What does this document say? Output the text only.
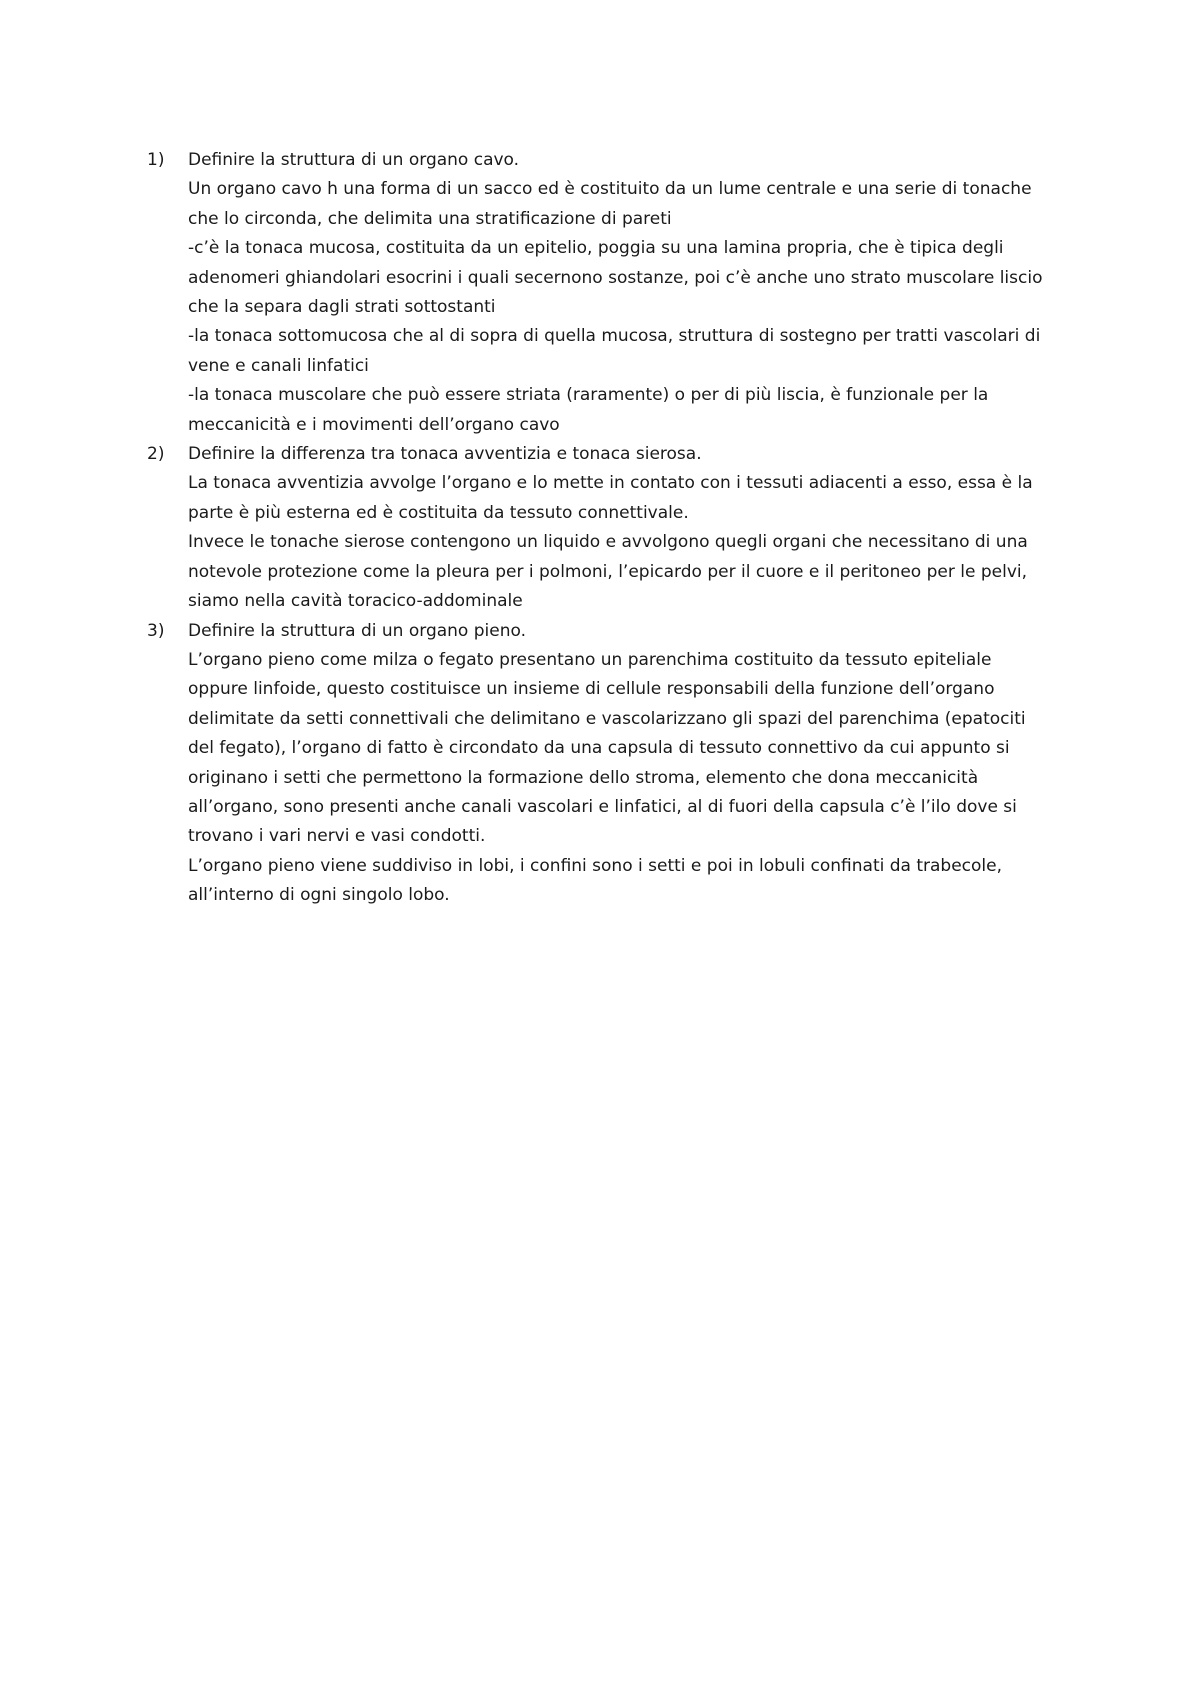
1)	Definire la struttura di un organo cavo.
Un organo cavo h una forma di un sacco ed è costituito da un lume centrale e una serie di tonache
che lo circonda, che delimita una stratificazione di pareti
-c’è la tonaca mucosa, costituita da un epitelio, poggia su una lamina propria, che è tipica degli
adenomeri ghiandolari esocrini i quali secernono sostanze, poi c’è anche uno strato muscolare liscio
che la separa dagli strati sottostanti
-la tonaca sottomucosa che al di sopra di quella mucosa, struttura di sostegno per tratti vascolari di
vene e canali linfatici
-la tonaca muscolare che può essere striata (raramente) o per di più liscia, è funzionale per la
meccanicità e i movimenti dell’organo cavo
2)	Definire la differenza tra tonaca avventizia e tonaca sierosa.
La tonaca avventizia avvolge l’organo e lo mette in contato con i tessuti adiacenti a esso, essa è la
parte è più esterna ed è costituita da tessuto connettivale.
Invece le tonache sierose contengono un liquido e avvolgono quegli organi che necessitano di una
notevole protezione come la pleura per i polmoni, l’epicardo per il cuore e il peritoneo per le pelvi,
siamo nella cavità toracico-addominale
3)	Definire la struttura di un organo pieno.
L’organo pieno come milza o fegato presentano un parenchima costituito da tessuto epiteliale
oppure linfoide, questo costituisce un insieme di cellule responsabili della funzione dell’organo
delimitate da setti connettivali che delimitano e vascolarizzano gli spazi del parenchima (epatociti
del fegato), l’organo di fatto è circondato da una capsula di tessuto connettivo da cui appunto si
originano i setti che permettono la formazione dello stroma, elemento che dona meccanicità
all’organo, sono presenti anche canali vascolari e linfatici, al di fuori della capsula c’è l’ilo dove si
trovano i vari nervi e vasi condotti.
L’organo pieno viene suddiviso in lobi, i confini sono i setti e poi in lobuli confinati da trabecole,
all’interno di ogni singolo lobo.
